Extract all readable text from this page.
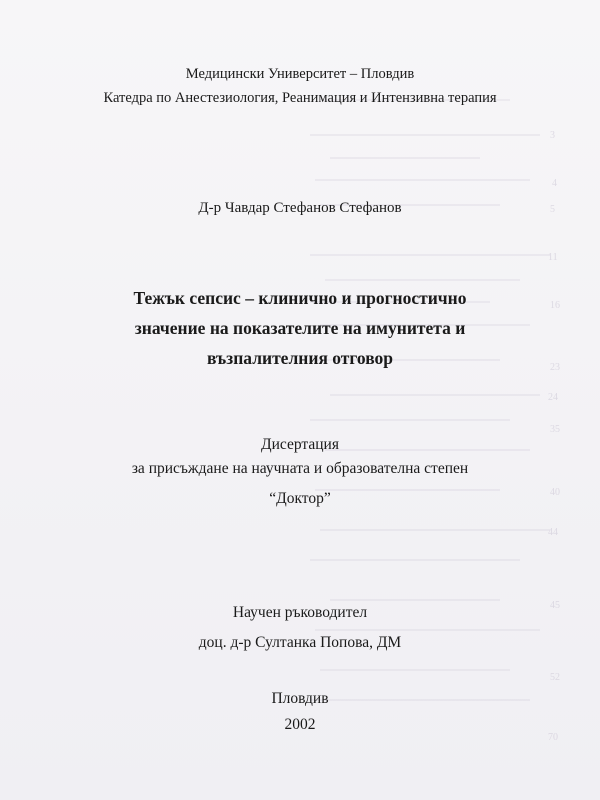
3
4
5
11
16
23
24
35
40
44
45
52
70
Медицински Университет – Пловдив
Катедра по Анестезиология, Реанимация и Интензивна терапия
Д-р Чавдар Стефанов Стефанов
Тежък сепсис – клинично и прогностично
значение на показателите на имунитета и
възпалителния отговор
Дисертация
за присъждане на научната и образователна степен
“Доктор”
Научен ръководител
доц. д-р Султанка Попова, ДМ
Пловдив
2002
